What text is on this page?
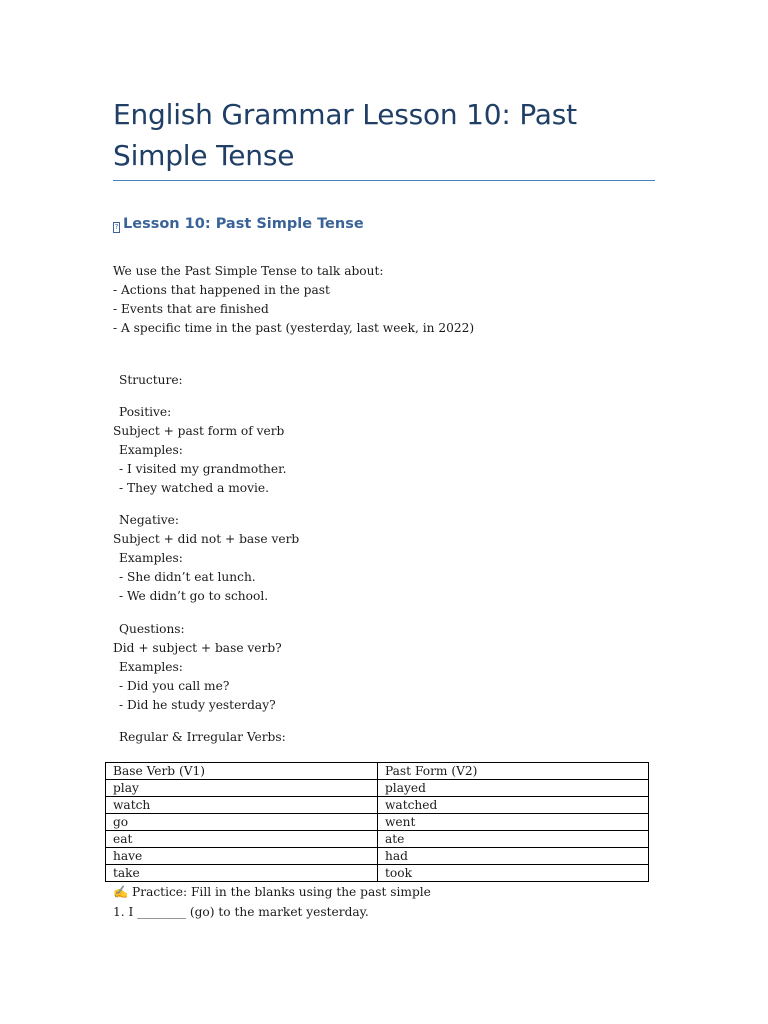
English Grammar Lesson 10: Past Simple Tense
? Lesson 10: Past Simple Tense

We use the Past Simple Tense to talk about:

- Actions that happened in the past

- Events that are finished

- A specific time in the past (yesterday, last week, in 2022)

Structure:

Positive:

Subject + past form of verb

Examples:

- I visited my grandmother.

- They watched a movie.

Negative:

Subject + did not + base verb

Examples:

- She didn’t eat lunch.

- We didn’t go to school.

Questions:

Did + subject + base verb?

Examples:

- Did you call me?

- Did he study yesterday?

Regular & Irregular Verbs:

Base Verb (V1)	Past Form (V2)
play	played
watch	watched
go	went
eat	ate
have	had
take	took

✍ Practice: Fill in the blanks using the past simple

1. I ________ (go) to the market yesterday.
